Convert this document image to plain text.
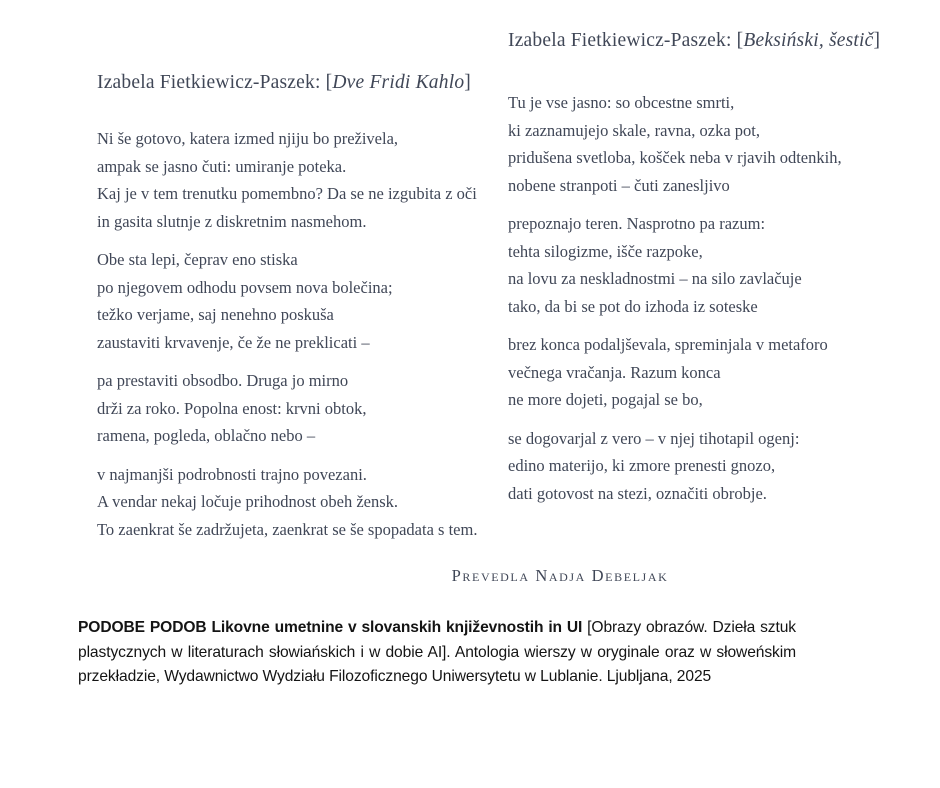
Izabela Fietkiewicz-Paszek: [Dve Fridi Kahlo]

Ni še gotovo, katera izmed njiju bo preživela,
ampak se jasno čuti: umiranje poteka.
Kaj je v tem trenutku pomembno? Da se ne izgubita z oči
in gasita slutnje z diskretnim nasmehom.

Obe sta lepi, čeprav eno stiska
po njegovem odhodu povsem nova bolečina;
težko verjame, saj nenehno poskuša
zaustaviti krvavenje, če že ne preklicati –

pa prestaviti obsodbo. Druga jo mirno
drži za roko. Popolna enost: krvni obtok,
ramena, pogleda, oblačno nebo –

v najmanjši podrobnosti trajno povezani.
A vendar nekaj ločuje prihodnost obeh žensk.
To zaenkrat še zadržujeta, zaenkrat se še spopadata s tem.

Izabela Fietkiewicz-Paszek: [Beksiński, šestič]

Tu je vse jasno: so obcestne smrti,
ki zaznamujejo skale, ravna, ozka pot,
pridušena svetloba, košček neba v rjavih odtenkih,
nobene stranpoti – čuti zanesljivo

prepoznajo teren. Nasprotno pa razum:
tehta silogizme, išče razpoke,
na lovu za neskladnostmi – na silo zavlačuje
tako, da bi se pot do izhoda iz soteske

brez konca podaljševala, spreminjala v metaforo
večnega vračanja. Razum konca
ne more dojeti, pogajal se bo,

se dogovarjal z vero – v njej tihotapil ogenj:
edino materijo, ki zmore prenesti gnozo,
dati gotovost na stezi, označiti obrobje.

Prevedla Nadja Debeljak
PODOBE PODOB Likovne umetnine v slovanskih književnostih in UI [Obrazy obrazów. Dzieła sztuk plastycznych w literaturach słowiańskich i w dobie AI]. Antologia wierszy w oryginale oraz w słoweńskim przekładzie, Wydawnictwo Wydziału Filozoficznego Uniwersytetu w Lublanie. Ljubljana, 2025
